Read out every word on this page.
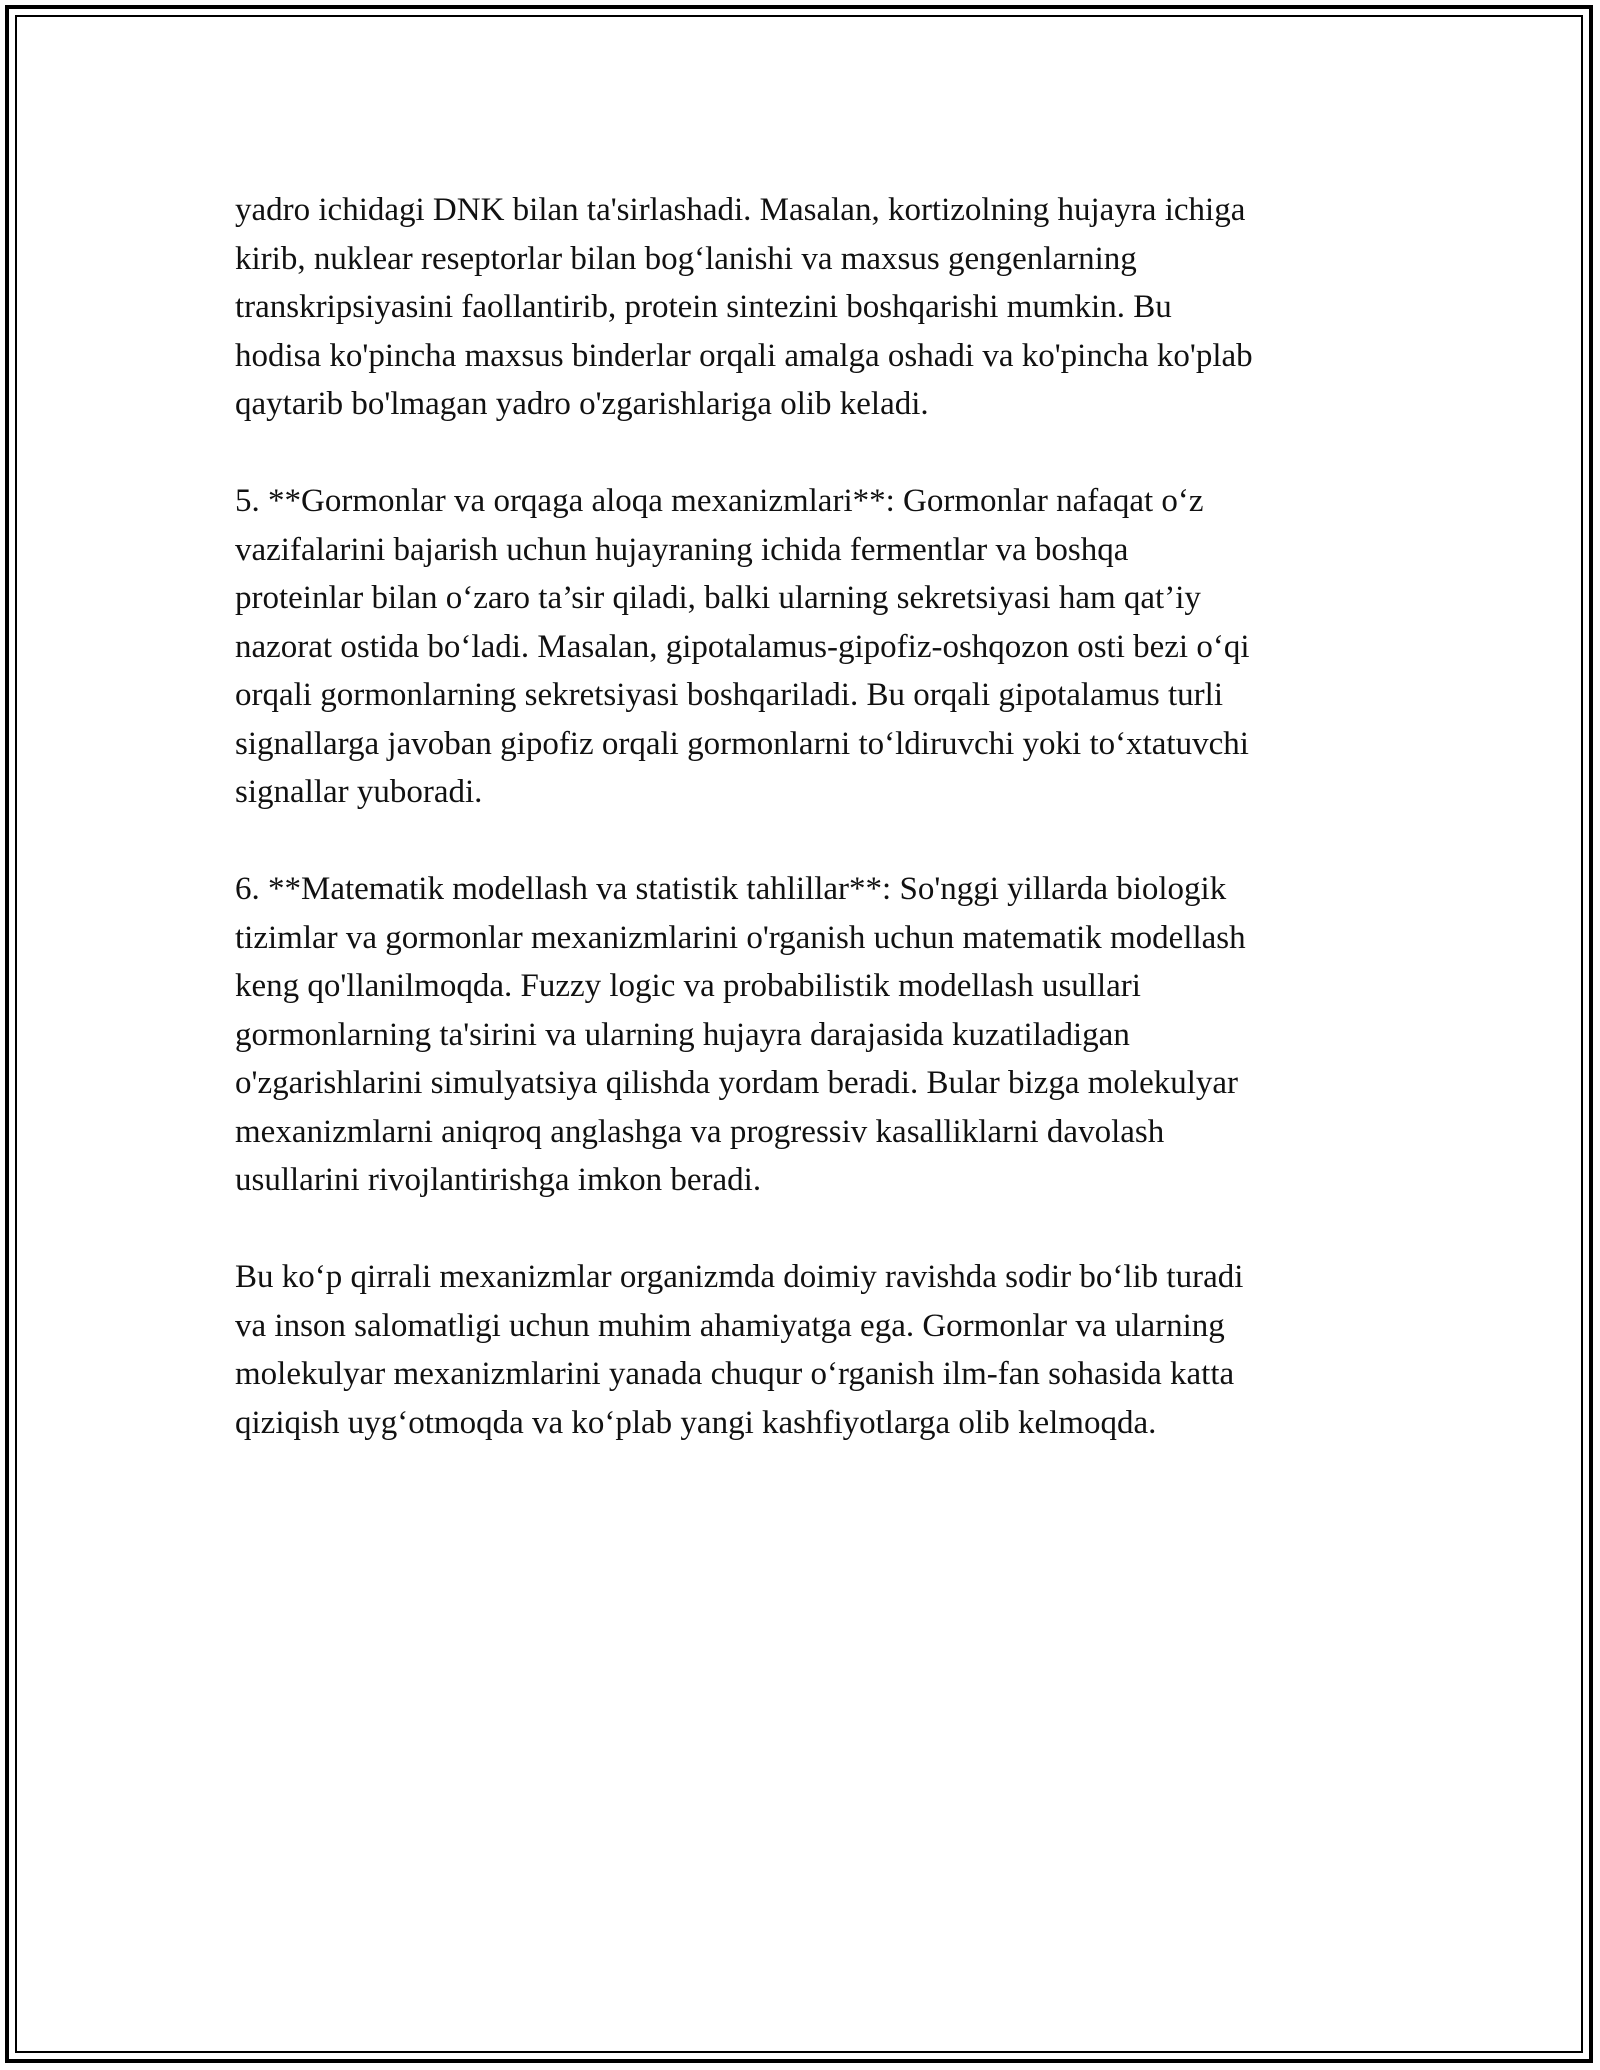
yadro ichidagi DNK bilan ta'sirlashadi. Masalan, kortizolning hujayra ichiga
kirib, nuklear reseptorlar bilan bog‘lanishi va maxsus gengenlarning
transkripsiyasini faollantirib, protein sintezini boshqarishi mumkin. Bu
hodisa ko'pincha maxsus binderlar orqali amalga oshadi va ko'pincha ko'plab
qaytarib bo'lmagan yadro o'zgarishlariga olib keladi.

5. **Gormonlar va orqaga aloqa mexanizmlari**: Gormonlar nafaqat o‘z
vazifalarini bajarish uchun hujayraning ichida fermentlar va boshqa
proteinlar bilan o‘zaro ta’sir qiladi, balki ularning sekretsiyasi ham qat’iy
nazorat ostida bo‘ladi. Masalan, gipotalamus-gipofiz-oshqozon osti bezi o‘qi
orqali gormonlarning sekretsiyasi boshqariladi. Bu orqali gipotalamus turli
signallarga javoban gipofiz orqali gormonlarni to‘ldiruvchi yoki to‘xtatuvchi
signallar yuboradi.

6. **Matematik modellash va statistik tahlillar**: So'nggi yillarda biologik
tizimlar va gormonlar mexanizmlarini o'rganish uchun matematik modellash
keng qo'llanilmoqda. Fuzzy logic va probabilistik modellash usullari
gormonlarning ta'sirini va ularning hujayra darajasida kuzatiladigan
o'zgarishlarini simulyatsiya qilishda yordam beradi. Bular bizga molekulyar
mexanizmlarni aniqroq anglashga va progressiv kasalliklarni davolash
usullarini rivojlantirishga imkon beradi.

Bu ko‘p qirrali mexanizmlar organizmda doimiy ravishda sodir bo‘lib turadi
va inson salomatligi uchun muhim ahamiyatga ega. Gormonlar va ularning
molekulyar mexanizmlarini yanada chuqur o‘rganish ilm-fan sohasida katta
qiziqish uyg‘otmoqda va ko‘plab yangi kashfiyotlarga olib kelmoqda.
